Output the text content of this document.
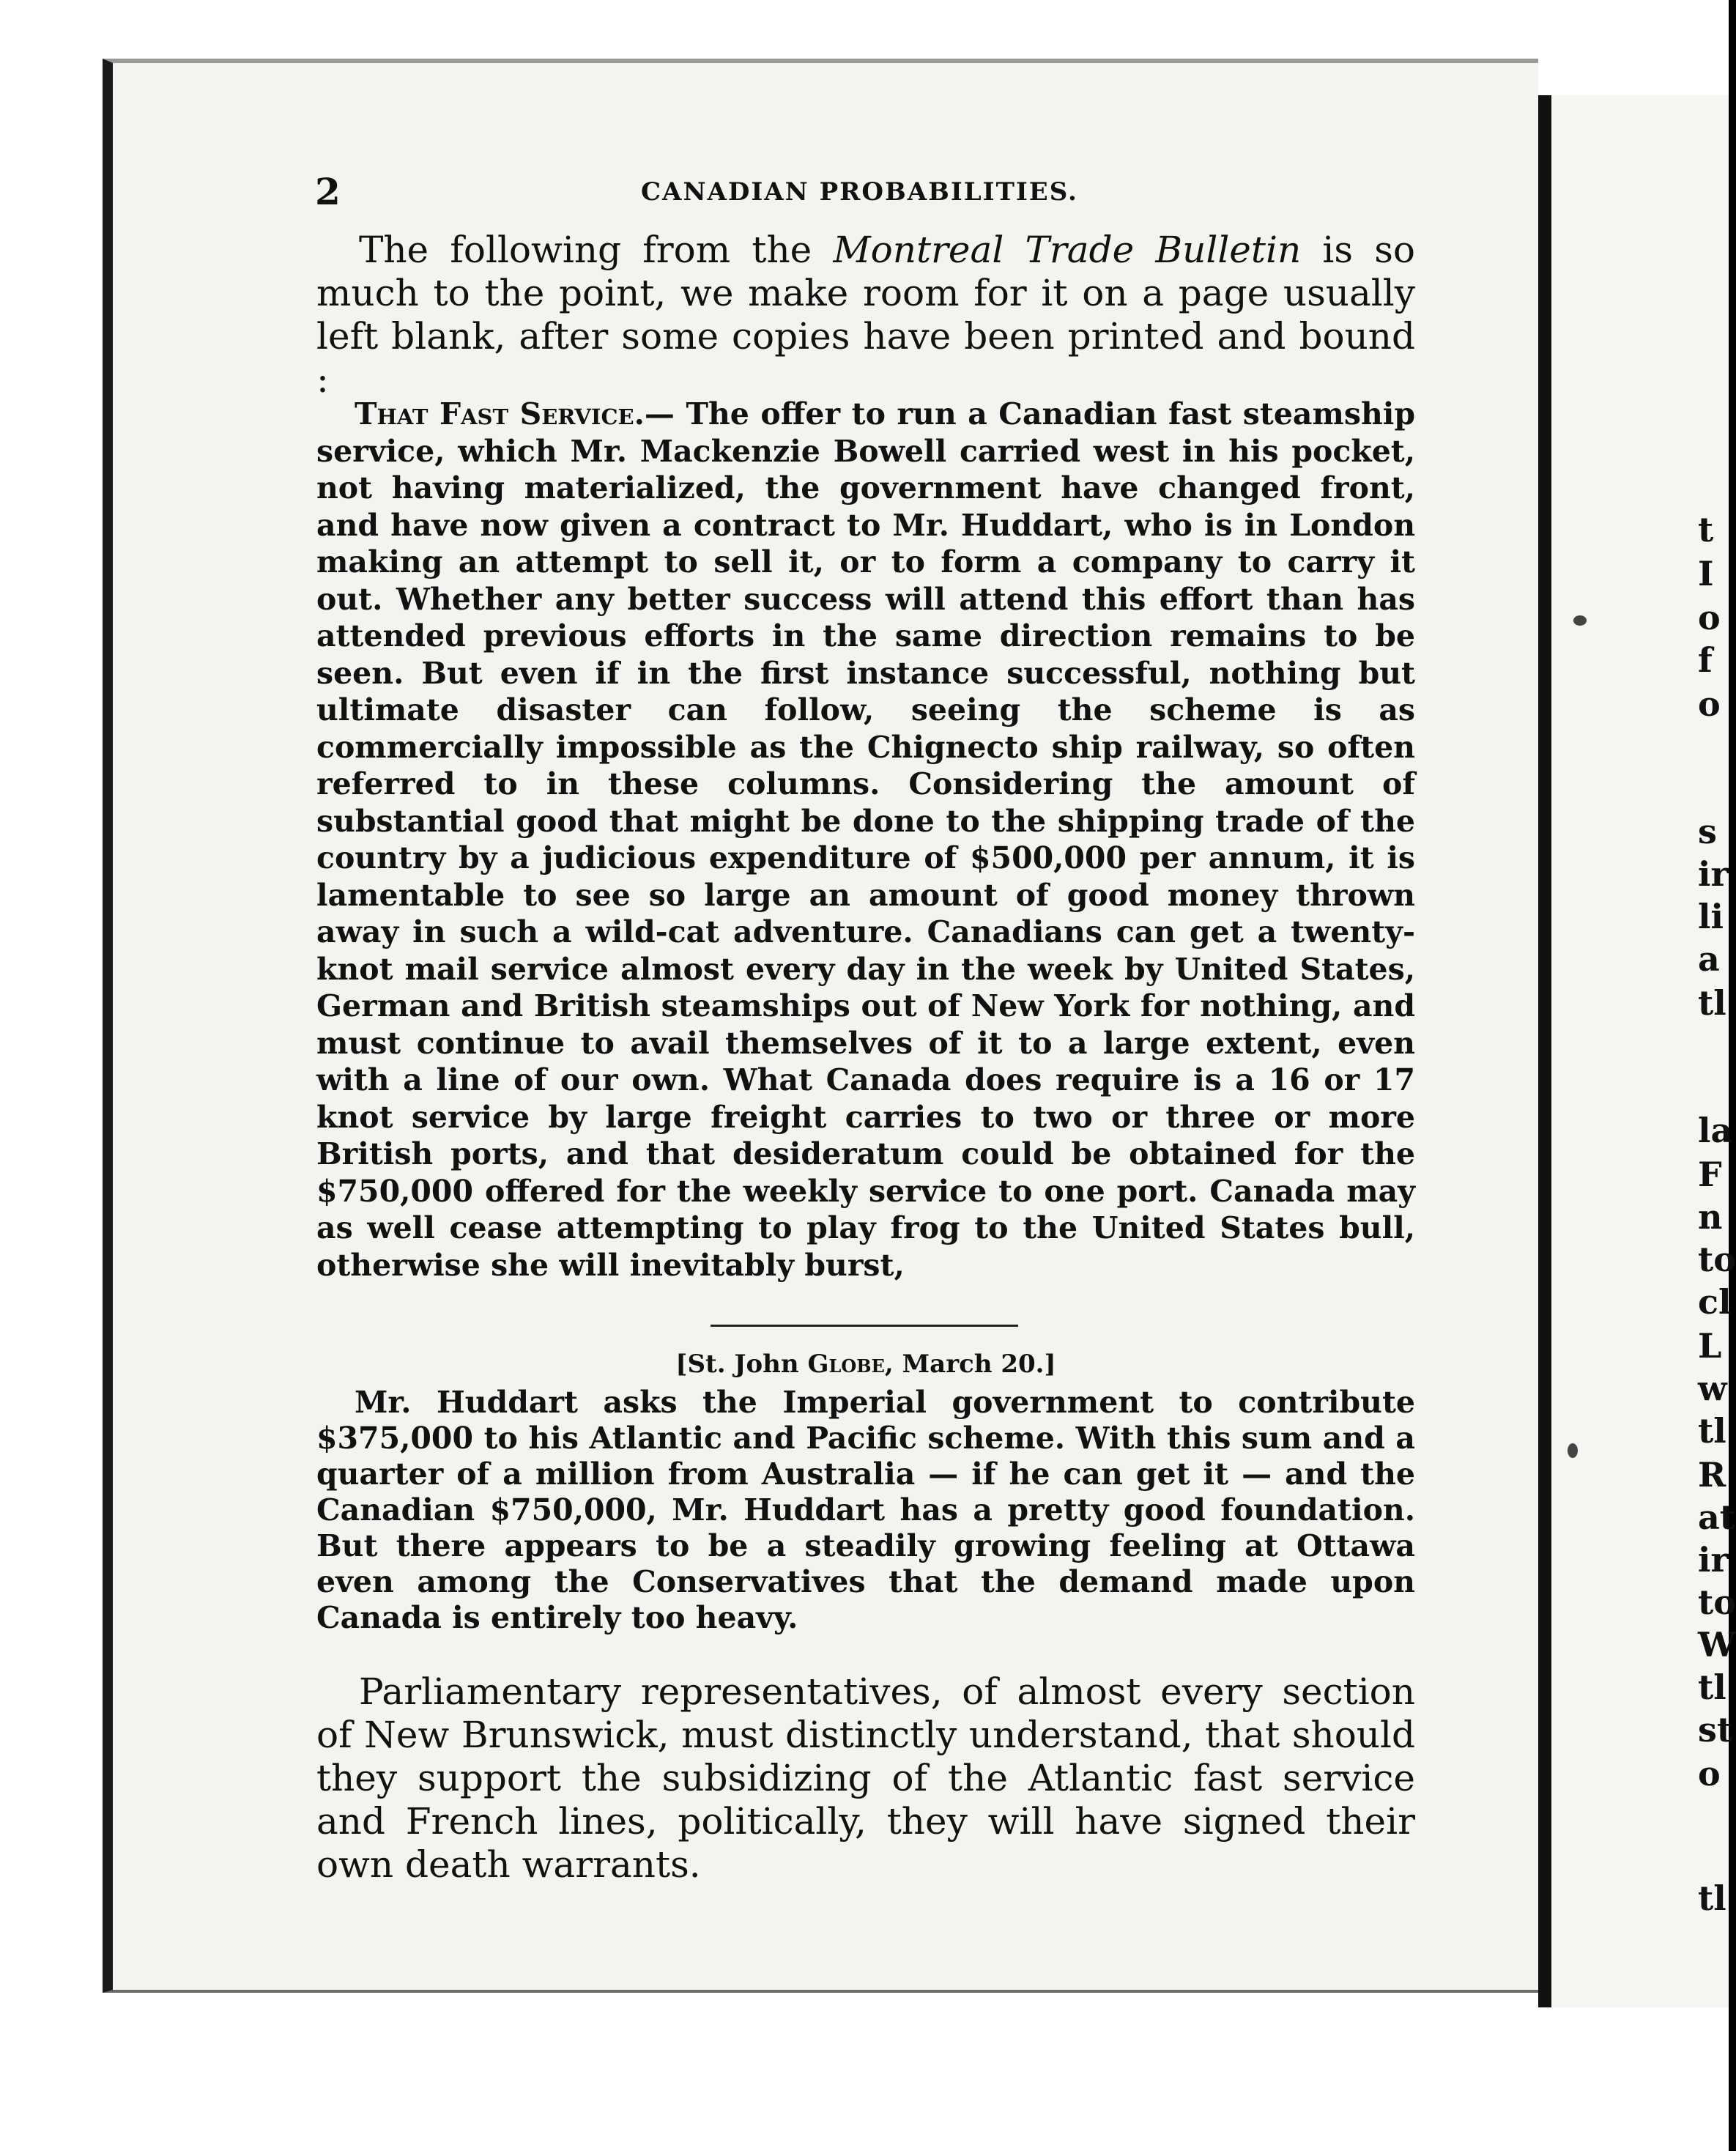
2	CANADIAN PROBABILITIES.
The following from the Montreal Trade Bulletin is so much to the point, we make room for it on a page usually left blank, after some copies have been printed and bound :
That Fast Service.— The offer to run a Canadian fast steamship service, which Mr. Mackenzie Bowell carried west in his pocket, not having materialized, the government have changed front, and have now given a contract to Mr. Huddart, who is in London making an attempt to sell it, or to form a company to carry it out. Whether any better success will attend this effort than has attended previous efforts in the same direction remains to be seen. But even if in the first instance successful, nothing but ultimate disaster can follow, seeing the scheme is as commercially impossible as the Chignecto ship railway, so often referred to in these columns. Considering the amount of substantial good that might be done to the shipping trade of the country by a judicious expenditure of $500,000 per annum, it is lamentable to see so large an amount of good money thrown away in such a wild-cat adventure. Canadians can get a twenty-knot mail service almost every day in the week by United States, German and British steamships out of New York for nothing, and must continue to avail themselves of it to a large extent, even with a line of our own. What Canada does require is a 16 or 17 knot service by large freight carries to two or three or more British ports, and that desideratum could be obtained for the $750,000 offered for the weekly service to one port. Canada may as well cease attempting to play frog to the United States bull, otherwise she will inevitably burst,
[St. John Globe, March 20.]
Mr. Huddart asks the Imperial government to contribute $375,000 to his Atlantic and Pacific scheme. With this sum and a quarter of a million from Australia — if he can get it — and the Canadian $750,000, Mr. Huddart has a pretty good foundation. But there appears to be a steadily growing feeling at Ottawa even among the Conservatives that the demand made upon Canada is entirely too heavy.
Parliamentary representatives, of almost every section of New Brunswick, must distinctly understand, that should they support the subsidizing of the Atlantic fast service and French lines, politically, they will have signed their own death warrants.
t
I
o
f
o
s
ir
li
a
tl
la
F
n
to
cl
L
w
tl
R
at
ir
to
W
tl
st
o
tl
